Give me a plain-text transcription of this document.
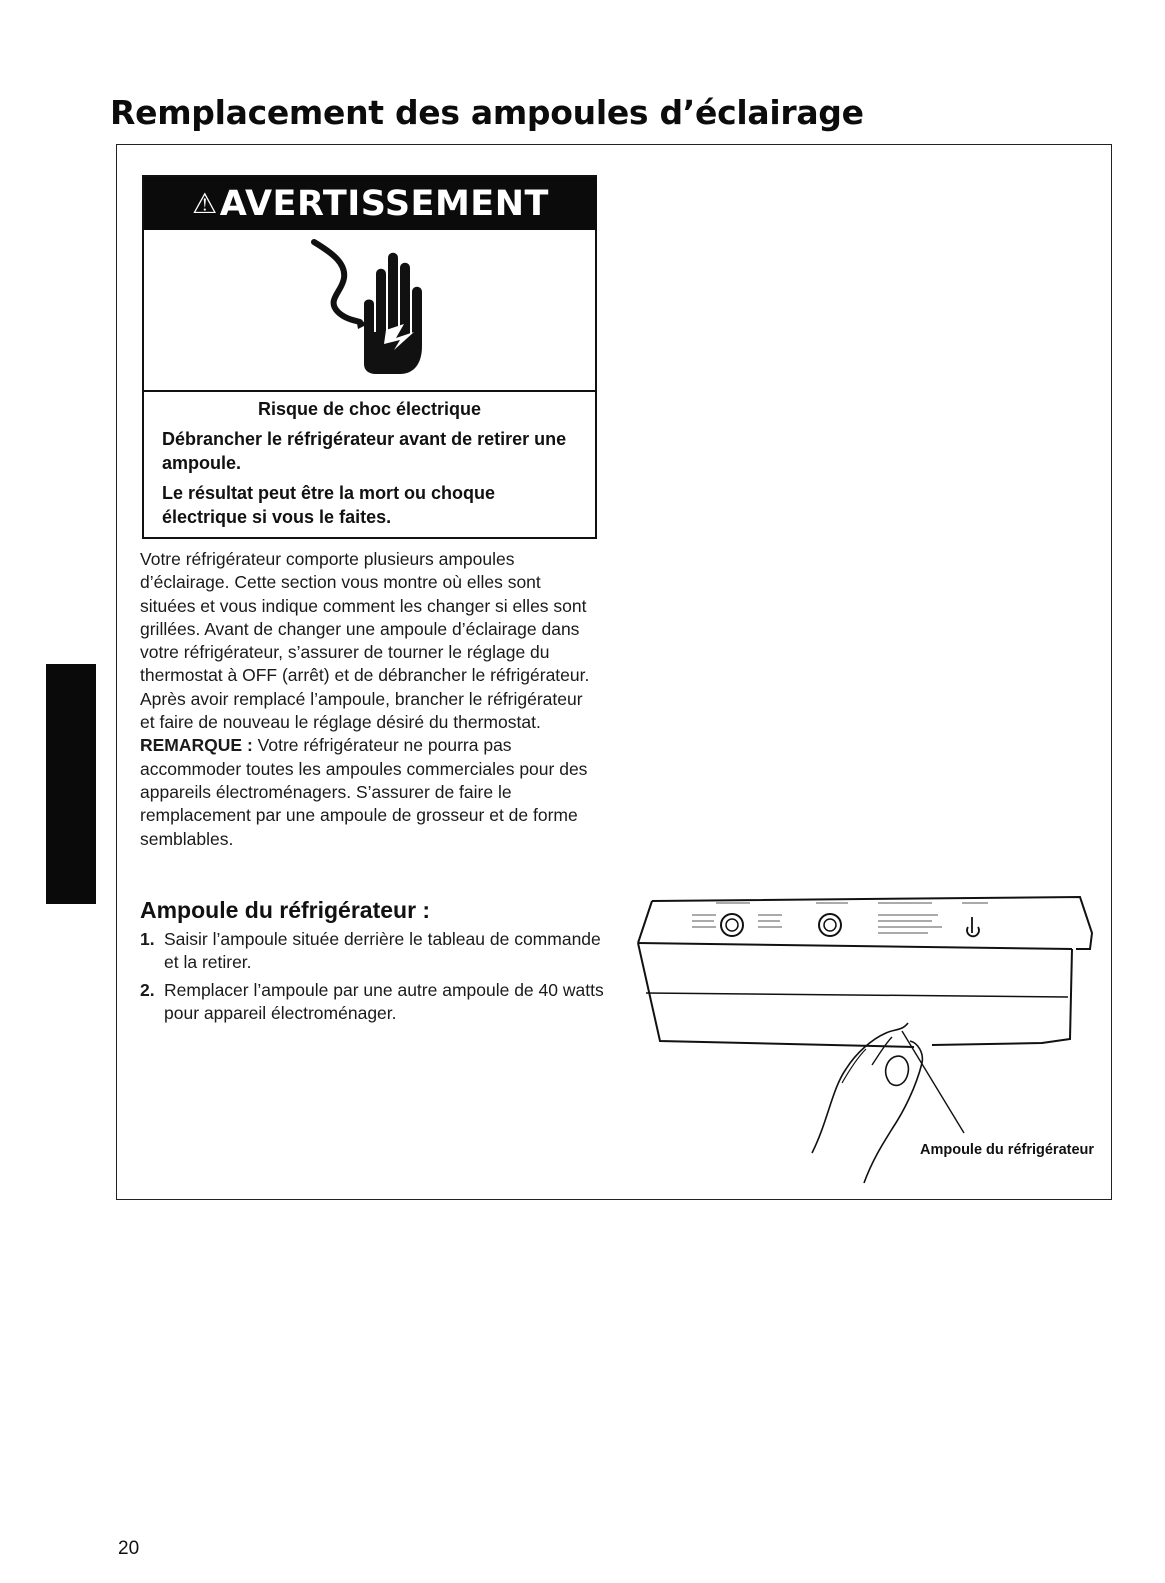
Remplacement des ampoules d’éclairage
⚠AVERTISSEMENT

Risque de choc électrique

Débrancher le réfrigérateur avant de retirer une ampoule.

Le résultat peut être la mort ou choque électrique si vous le faites.

Votre réfrigérateur comporte plusieurs ampoules d’éclairage. Cette section vous montre où elles sont situées et vous indique comment les changer si elles sont grillées. Avant de changer une ampoule d’éclairage dans votre réfrigérateur, s’assurer de tourner le réglage du thermostat à OFF (arrêt) et de débrancher le réfrigérateur. Après avoir remplacé l’ampoule, brancher le réfrigérateur et faire de nouveau le réglage désiré du thermostat.
REMARQUE : Votre réfrigérateur ne pourra pas accommoder toutes les ampoules commerciales pour des appareils électroménagers. S’assurer de faire le remplacement par une ampoule de grosseur et de forme semblables.
Ampoule du réfrigérateur :
1. Saisir l’ampoule située derrière le tableau de commande et la retirer.
2. Remplacer l’ampoule par une autre ampoule de 40 watts pour appareil électroménager.

Ampoule du réfrigérateur

20
